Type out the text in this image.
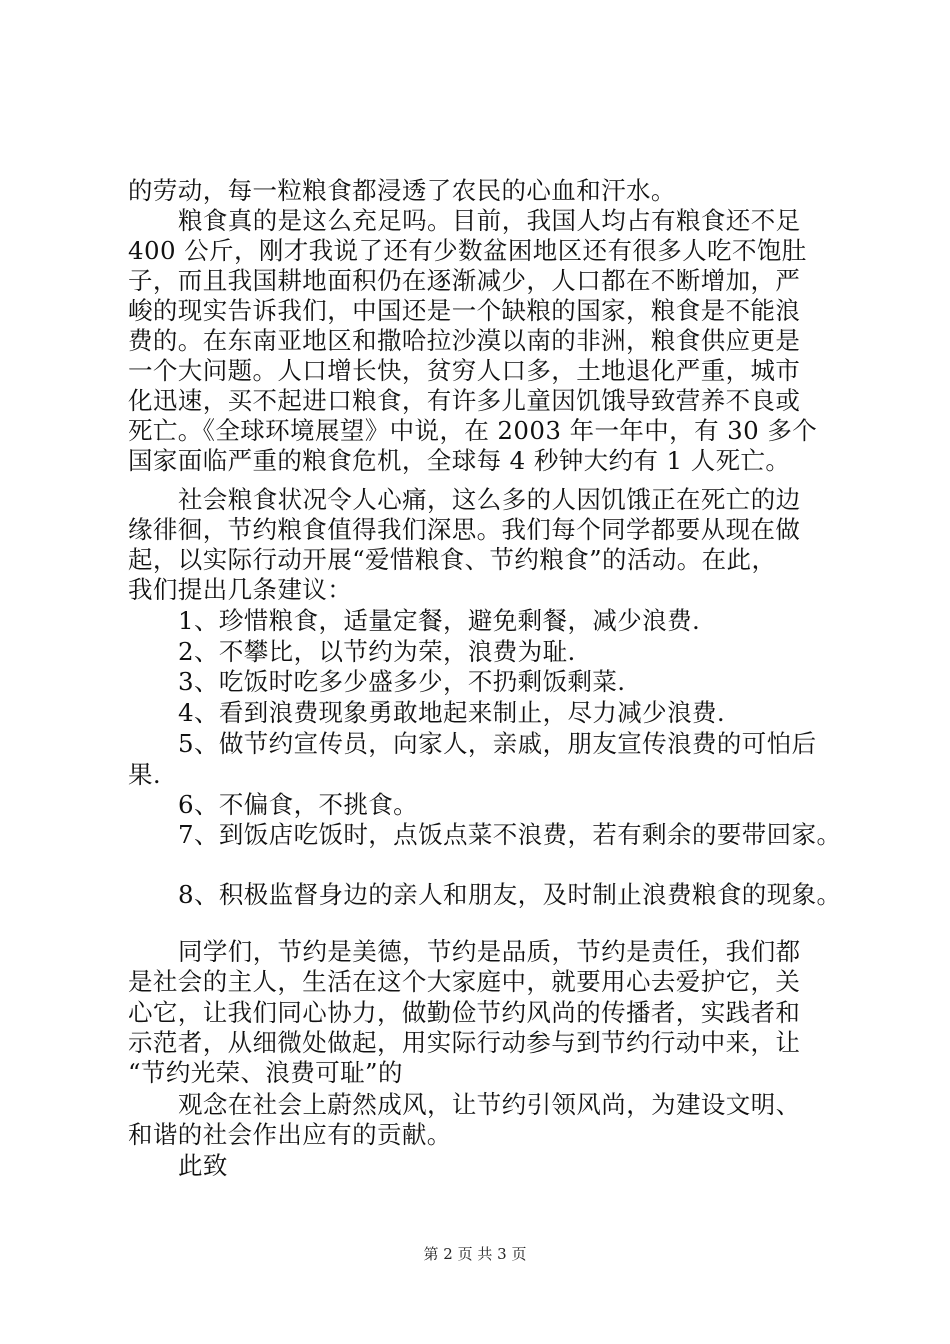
的劳动，每一粒粮食都浸透了农民的心血和汗水。
粮食真的是这么充足吗。目前，我国人均占有粮食还不足
400 公斤，刚才我说了还有少数盆困地区还有很多人吃不饱肚
子，而且我国耕地面积仍在逐渐减少，人口都在不断增加，严
峻的现实告诉我们，中国还是一个缺粮的国家，粮食是不能浪
费的。在东南亚地区和撒哈拉沙漠以南的非洲，粮食供应更是
一个大问题。人口增长快，贫穷人口多，土地退化严重，城市
化迅速，买不起进口粮食，有许多儿童因饥饿导致营养不良或
死亡。《全球环境展望》中说，在 2003 年一年中，有 30 多个
国家面临严重的粮食危机，全球每 4 秒钟大约有 1 人死亡。
社会粮食状况令人心痛，这么多的人因饥饿正在死亡的边
缘徘徊，节约粮食值得我们深思。我们每个同学都要从现在做
起，以实际行动开展“爱惜粮食、节约粮食”的活动。在此，
我们提出几条建议：
1、珍惜粮食，适量定餐，避免剩餐，减少浪费.
2、不攀比，以节约为荣，浪费为耻.
3、吃饭时吃多少盛多少，不扔剩饭剩菜.
4、看到浪费现象勇敢地起来制止，尽力减少浪费.
5、做节约宣传员，向家人，亲戚，朋友宣传浪费的可怕后
果.
6、不偏食，不挑食。
7、到饭店吃饭时，点饭点菜不浪费，若有剩余的要带回家。
8、积极监督身边的亲人和朋友，及时制止浪费粮食的现象。
同学们，节约是美德，节约是品质，节约是责任，我们都
是社会的主人，生活在这个大家庭中，就要用心去爱护它，关
心它，让我们同心协力，做勤俭节约风尚的传播者，实践者和
示范者，从细微处做起，用实际行动参与到节约行动中来，让
“节约光荣、浪费可耻”的
观念在社会上蔚然成风，让节约引领风尚，为建设文明、
和谐的社会作出应有的贡献。
此致
第 2 页 共 3 页
